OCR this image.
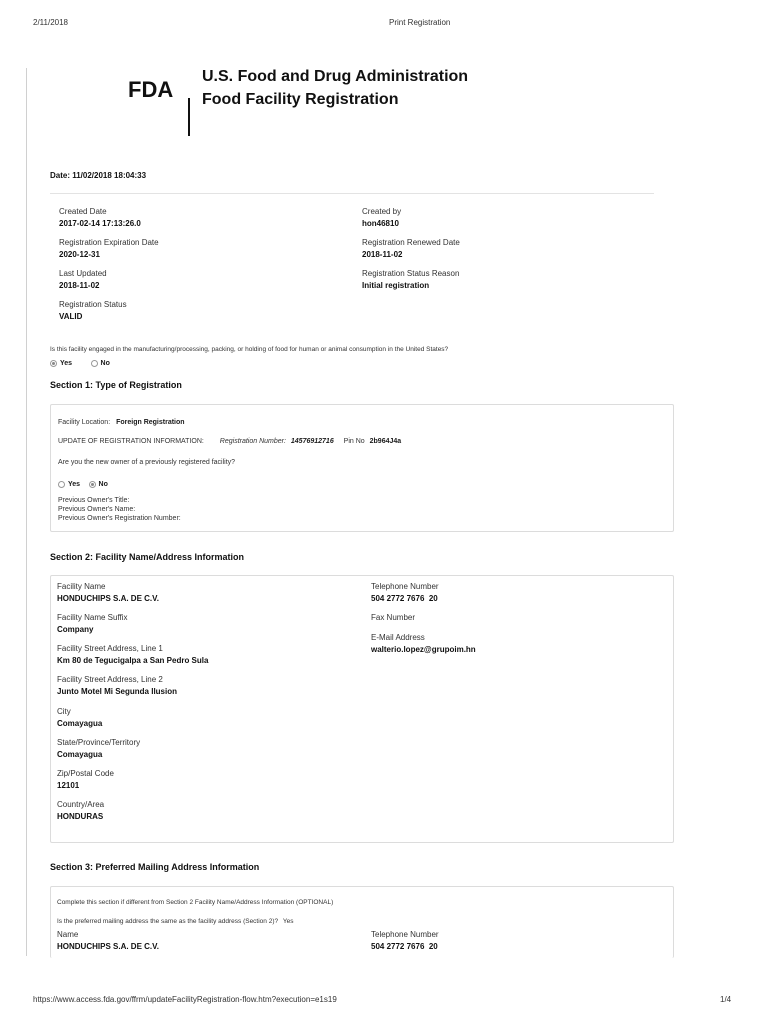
2/11/2018	Print Registration
FDA
U.S. Food and Drug Administration
Food Facility Registration
Date: 11/02/2018 18:04:33
Created Date
2017-02-14 17:13:26.0
Created by
hon46810
Registration Expiration Date
2020-12-31
Registration Renewed Date
2018-11-02
Last Updated
2018-11-02
Registration Status Reason
Initial registration
Registration Status
VALID
Is this facility engaged in the manufacturing/processing, packing, or holding of food for human or animal consumption in the United States?
Yes	No
Section 1: Type of Registration
Facility Location: Foreign Registration
UPDATE OF REGISTRATION INFORMATION: Registration Number: 14576912716 Pin No 2b964J4a
Are you the new owner of a previously registered facility?
Yes	No
Previous Owner's Title:
Previous Owner's Name:
Previous Owner's Registration Number:
Section 2: Facility Name/Address Information
Facility Name
HONDUCHIPS S.A. DE C.V.
Facility Name Suffix
Company
Facility Street Address, Line 1
Km 80 de Tegucigalpa a San Pedro Sula
Facility Street Address, Line 2
Junto Motel Mi Segunda Ilusion
City
Comayagua
State/Province/Territory
Comayagua
Zip/Postal Code
12101
Country/Area
HONDURAS
Telephone Number
504 2772 7676  20
Fax Number
E-Mail Address
walterio.lopez@grupoim.hn
Section 3: Preferred Mailing Address Information
Complete this section if different from Section 2 Facility Name/Address Information (OPTIONAL)
Is the preferred mailing address the same as the facility address (Section 2)? Yes
Name
HONDUCHIPS S.A. DE C.V.
Telephone Number
504 2772 7676  20
https://www.access.fda.gov/ffrm/updateFacilityRegistration-flow.htm?execution=e1s19	1/4
